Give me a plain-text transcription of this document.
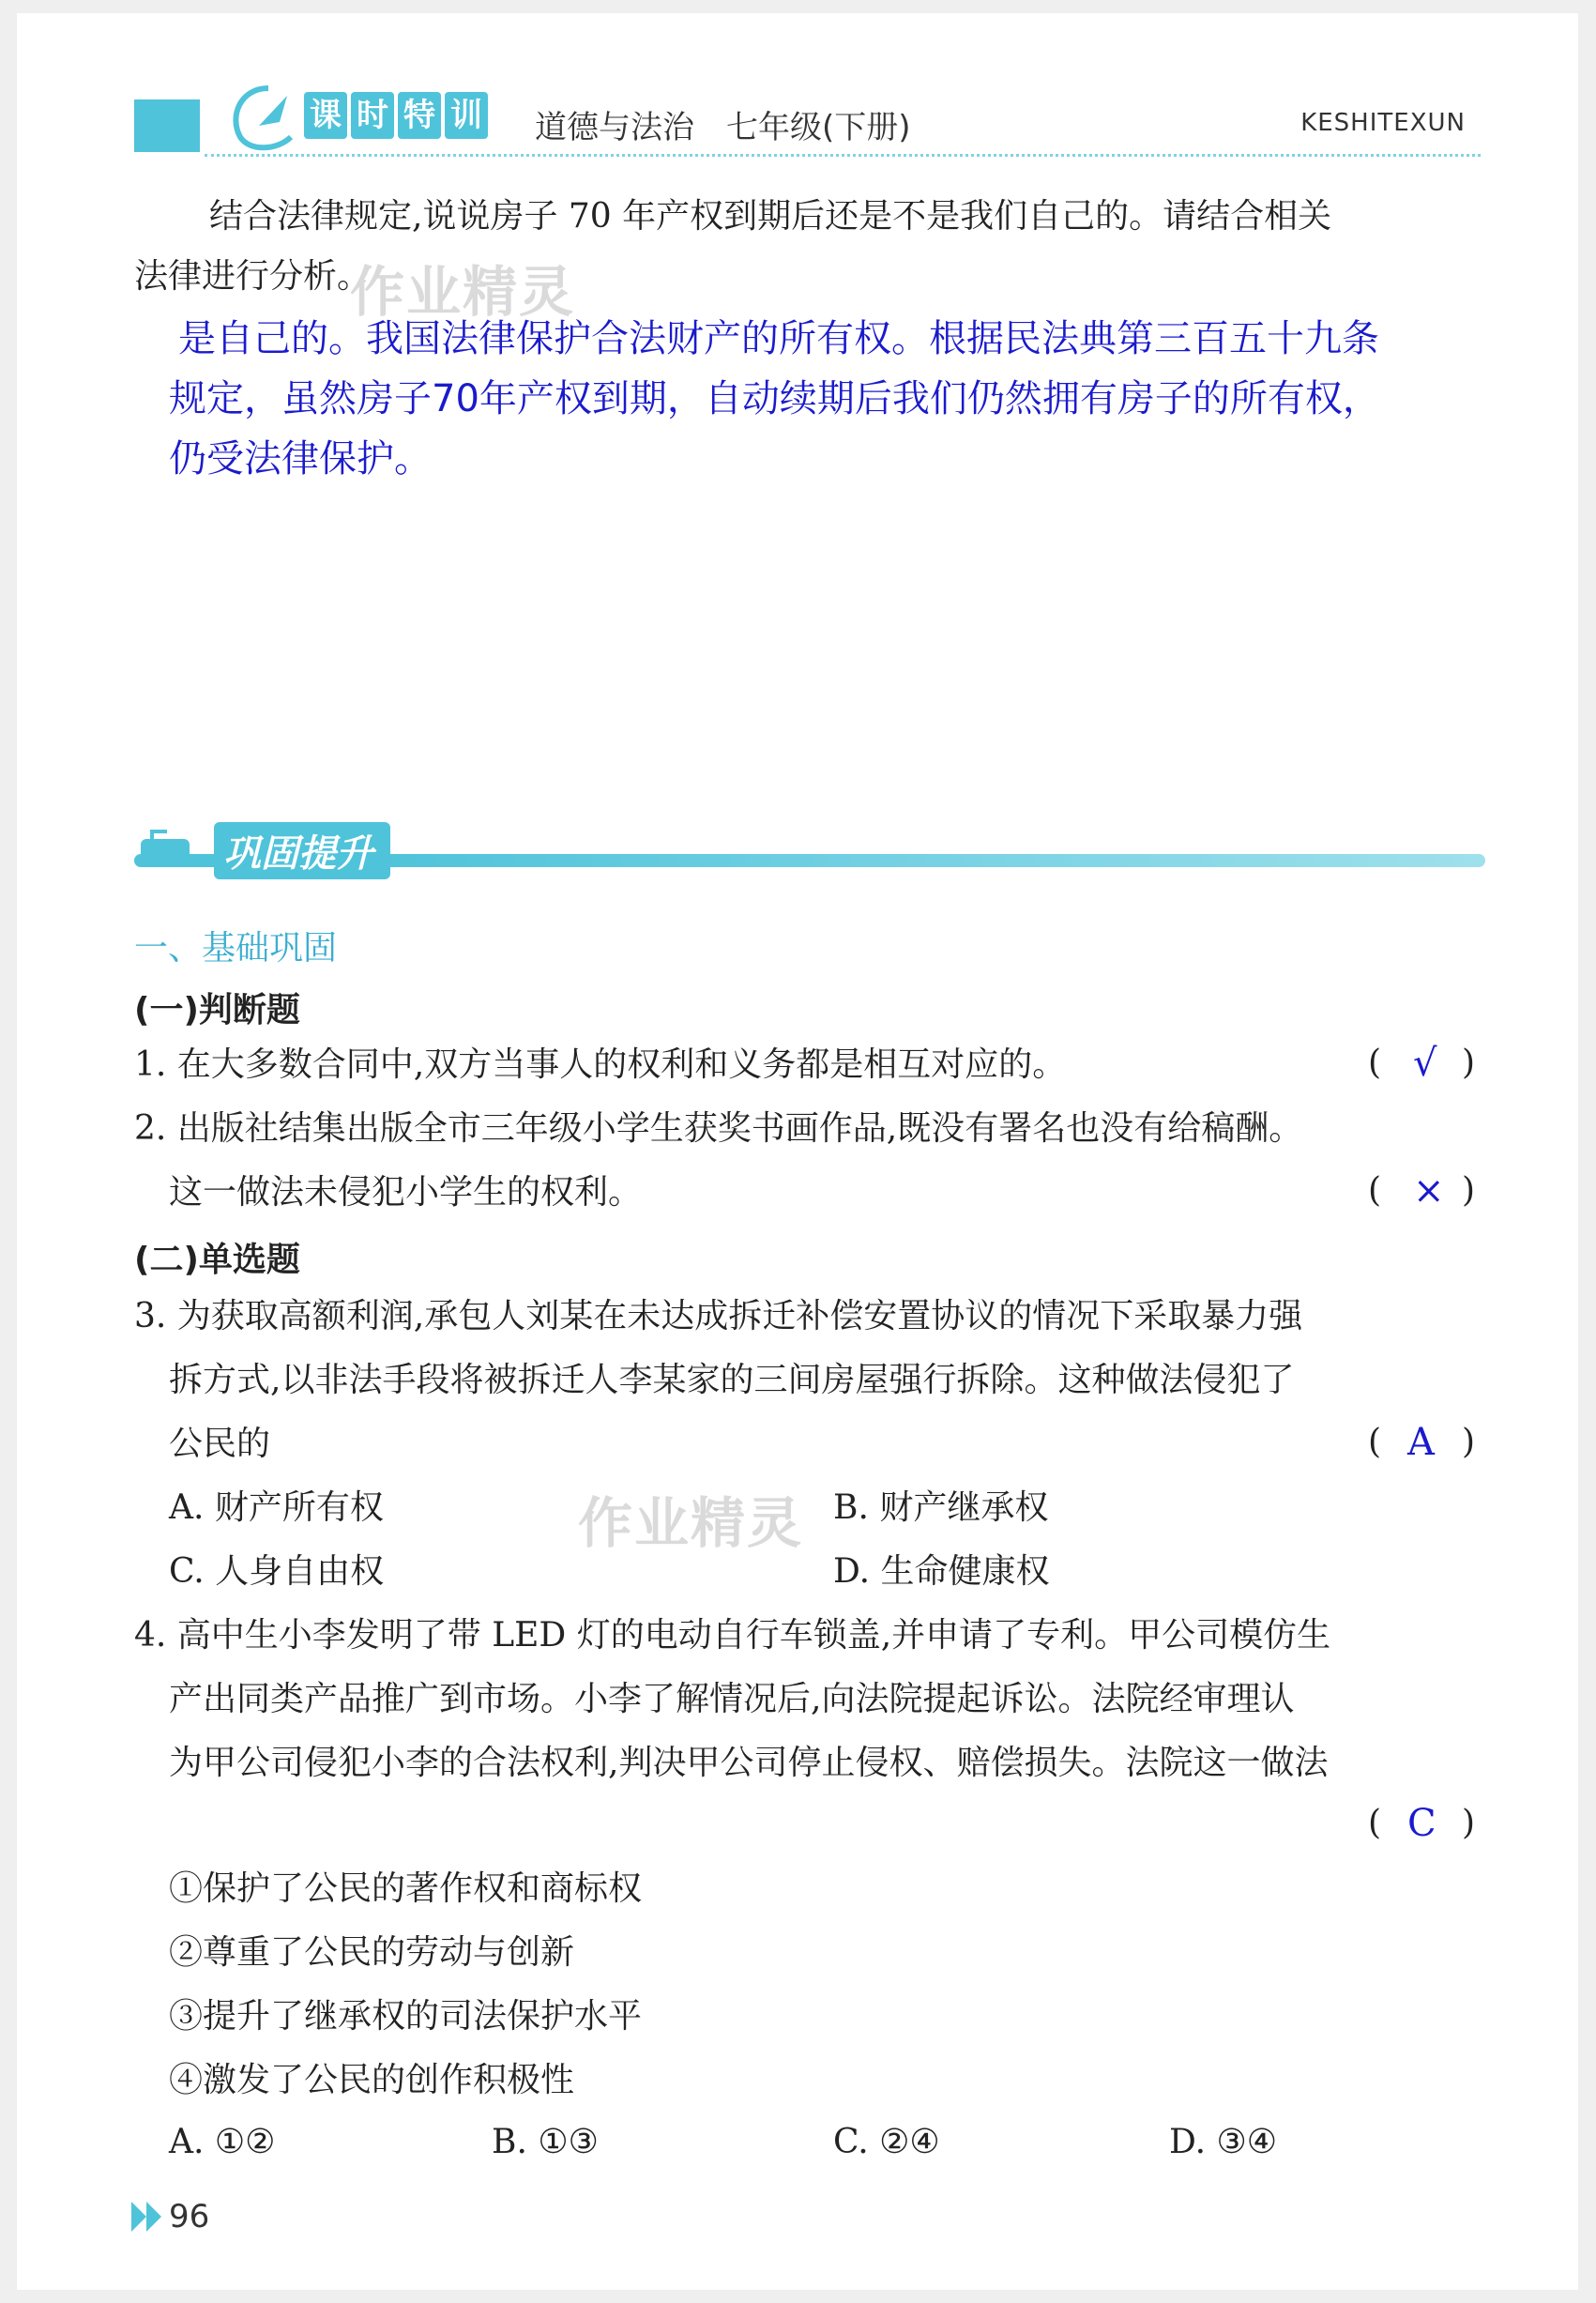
课 时 特 训 道德与法治　七年级(下册)	KESHITEXUN
结合法律规定,说说房子 70 年产权到期后还是不是我们自己的。请结合相关
法律进行分析。
作业精灵
是自己的。我国法律保护合法财产的所有权。根据民法典第三百五十九条
规定，虽然房子70年产权到期，自动续期后我们仍然拥有房子的所有权，
仍受法律保护。
巩固提升
一、基础巩固
(一)判断题
1. 在大多数合同中,双方当事人的权利和义务都是相互对应的。	( √ )
2. 出版社结集出版全市三年级小学生获奖书画作品,既没有署名也没有给稿酬。
这一做法未侵犯小学生的权利。	( × )
(二)单选题
3. 为获取高额利润,承包人刘某在未达成拆迁补偿安置协议的情况下采取暴力强
拆方式,以非法手段将被拆迁人李某家的三间房屋强行拆除。这种做法侵犯了
公民的	( A )
A. 财产所有权	B. 财产继承权
C. 人身自由权	D. 生命健康权
作业精灵
4. 高中生小李发明了带 LED 灯的电动自行车锁盖,并申请了专利。甲公司模仿生
产出同类产品推广到市场。小李了解情况后,向法院提起诉讼。法院经审理认
为甲公司侵犯小李的合法权利,判决甲公司停止侵权、赔偿损失。法院这一做法
( C )
①保护了公民的著作权和商标权
②尊重了公民的劳动与创新
③提升了继承权的司法保护水平
④激发了公民的创作积极性
A. ①②	B. ①③	C. ②④	D. ③④
96
